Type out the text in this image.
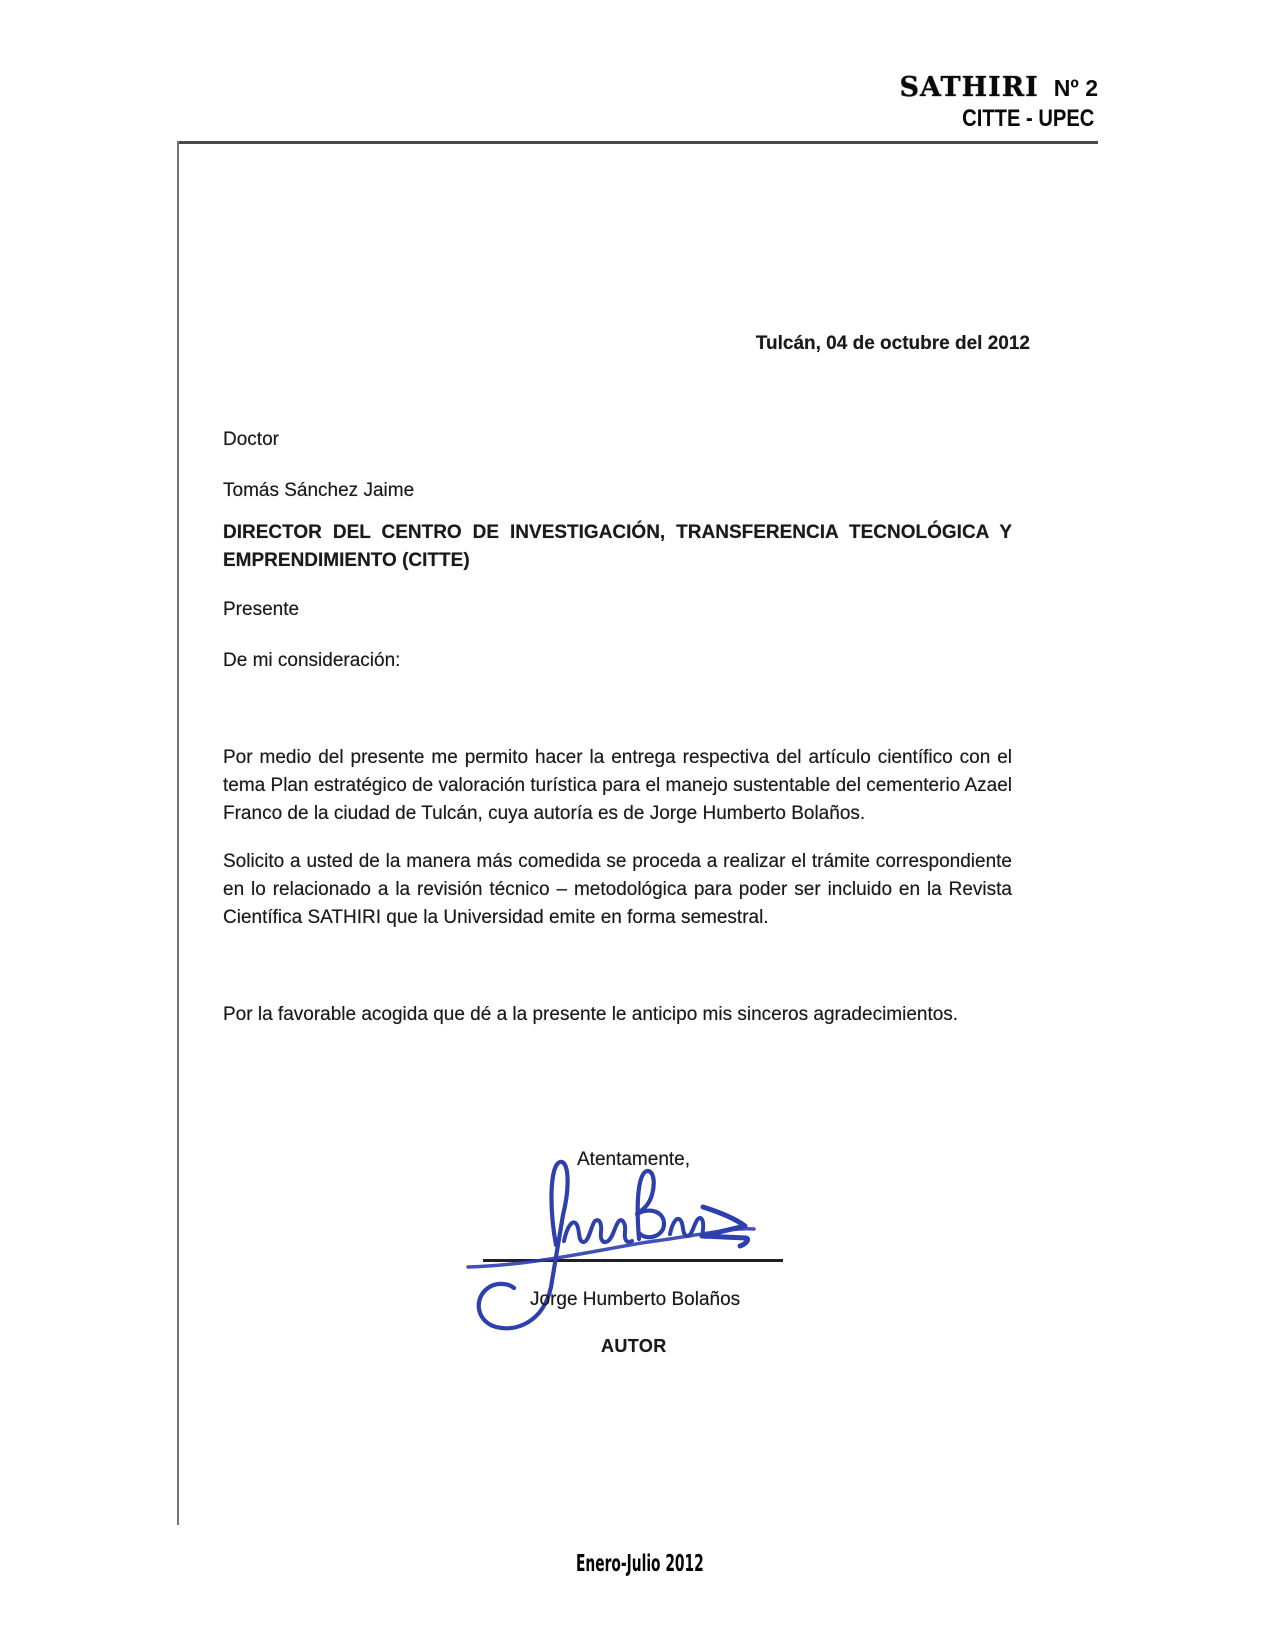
SATHIRI Nº 2
CITTE - UPEC
Tulcán, 04 de octubre del 2012
Doctor
Tomás Sánchez Jaime
DIRECTOR DEL CENTRO DE INVESTIGACIÓN, TRANSFERENCIA TECNOLÓGICA Y
EMPRENDIMIENTO (CITTE)
Presente
De mi consideración:
Por medio del presente me permito hacer la entrega respectiva del artículo científico con el
tema Plan estratégico de valoración turística para el manejo sustentable del cementerio Azael
Franco de la ciudad de Tulcán, cuya autoría es de Jorge Humberto Bolaños.
Solicito a usted de la manera más comedida se proceda a realizar el trámite correspondiente
en lo relacionado a la revisión técnico – metodológica para poder ser incluido en la Revista
Científica SATHIRI que la Universidad emite en forma semestral.
Por la favorable acogida que dé a la presente le anticipo mis sinceros agradecimientos.
Atentamente,
Jorge Humberto Bolaños
AUTOR
Enero-Julio 2012
